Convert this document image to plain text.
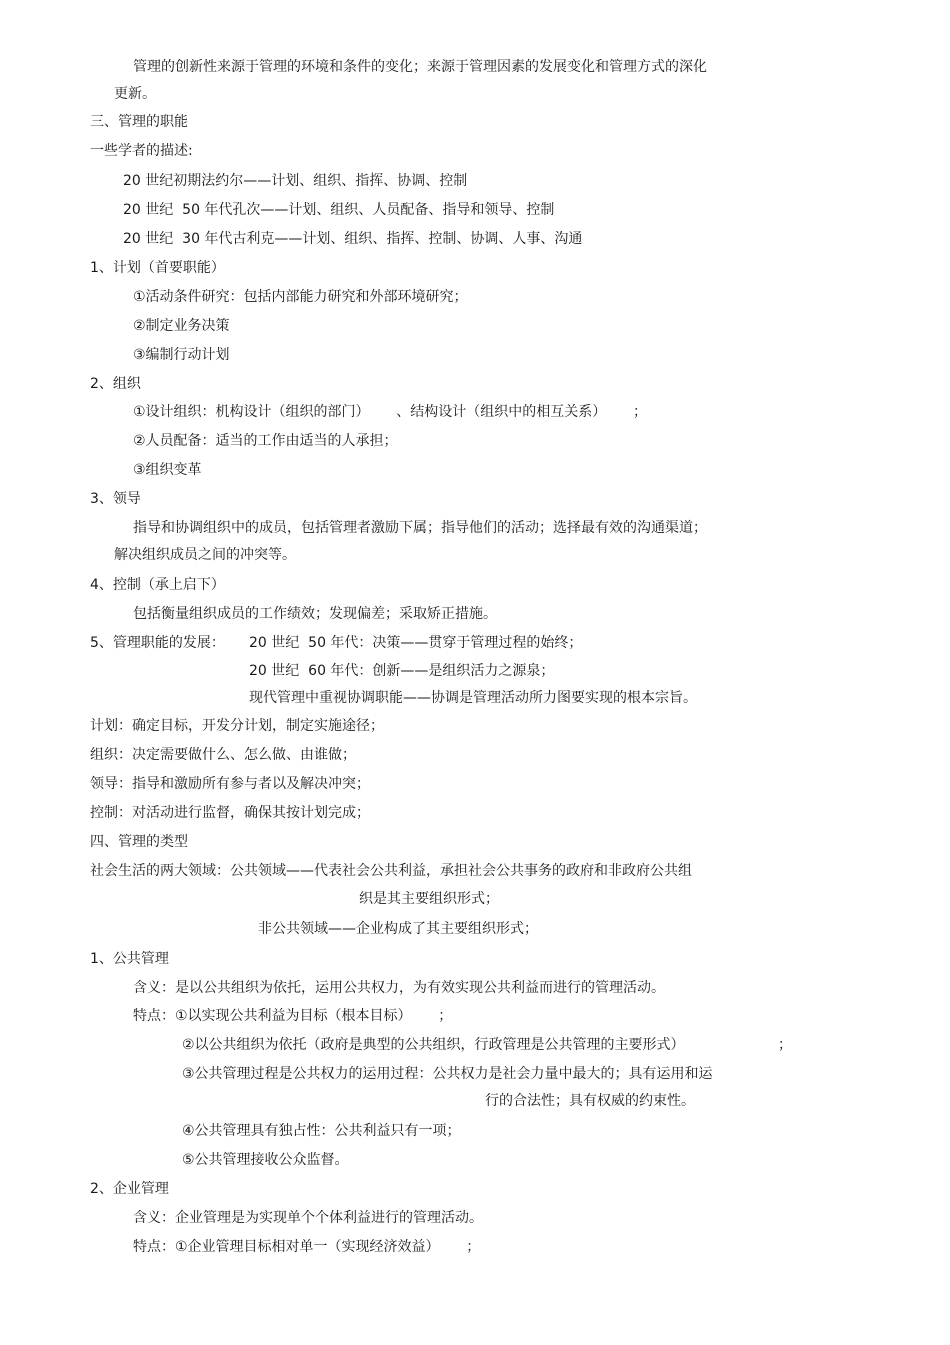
管理的创新性来源于管理的环境和条件的变化；来源于管理因素的发展变化和管理方式的深化
更新。
三、管理的职能
一些学者的描述:
20 世纪初期法约尔——计划、组织、指挥、协调、控制
20 世纪  50 年代孔次——计划、组织、人员配备、指导和领导、控制
20 世纪  30 年代古利克——计划、组织、指挥、控制、协调、人事、沟通
1、计划（首要职能）
①活动条件研究：包括内部能力研究和外部环境研究；
②制定业务决策
③编制行动计划
2、组织
①设计组织：机构设计（组织的部门）      、结构设计（组织中的相互关系）      ；
②人员配备：适当的工作由适当的人承担；
③组织变革
3、领导
指导和协调组织中的成员，包括管理者激励下属；指导他们的活动；选择最有效的沟通渠道；
解决组织成员之间的冲突等。
4、控制（承上启下）
包括衡量组织成员的工作绩效；发现偏差；采取矫正措施。
5、管理职能的发展： 20 世纪  50 年代：决策——贯穿于管理过程的始终；
20 世纪  60 年代：创新——是组织活力之源泉；
现代管理中重视协调职能——协调是管理活动所力图要实现的根本宗旨。
计划：确定目标，开发分计划，制定实施途径；
组织：决定需要做什么、怎么做、由谁做；
领导：指导和激励所有参与者以及解决冲突；
控制：对活动进行监督，确保其按计划完成；
四、管理的类型
社会生活的两大领域：公共领域——代表社会公共利益，承担社会公共事务的政府和非政府公共组
织是其主要组织形式；
非公共领域——企业构成了其主要组织形式；
1、公共管理
含义：是以公共组织为依托，运用公共权力，为有效实现公共利益而进行的管理活动。
特点：①以实现公共利益为目标（根本目标）      ；
②以公共组织为依托（政府是典型的公共组织，行政管理是公共管理的主要形式）	；
③公共管理过程是公共权力的运用过程：公共权力是社会力量中最大的；具有运用和运
行的合法性；具有权威的约束性。
④公共管理具有独占性：公共利益只有一项；
⑤公共管理接收公众监督。
2、企业管理
含义：企业管理是为实现单个个体利益进行的管理活动。
特点：①企业管理目标相对单一（实现经济效益）      ；
